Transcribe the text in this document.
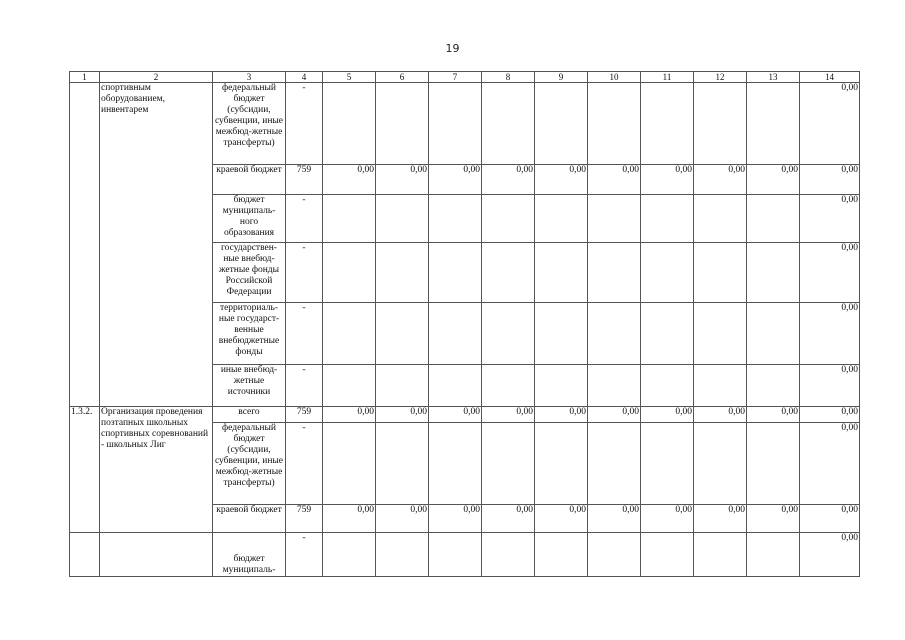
19
1	2	3	4	5	6	7	8	9	10	11	12	13	14
	спортивным оборудованием, инвентарем	федеральный бюджет (субсидии, субвенции, иные межбюд-жетные трансферты)	-										0,00
		краевой бюджет	759	0,00	0,00	0,00	0,00	0,00	0,00	0,00	0,00	0,00	0,00
		бюджет муниципаль-ного образования	-										0,00
		государствен-ные внебюд-жетные фонды Российской Федерации	-										0,00
		территориаль-ные государст-венные внебюджетные фонды	-										0,00
		иные внебюд-жетные источники	-										0,00
1.3.2.	Организация проведения позтапных школьных спортивных соревнований - школьных Лиг	всего	759	0,00	0,00	0,00	0,00	0,00	0,00	0,00	0,00	0,00	0,00
		федеральный бюджет (субсидии, субвенции, иные межбюд-жетные трансферты)	-										0,00
		краевой бюджет	759	0,00	0,00	0,00	0,00	0,00	0,00	0,00	0,00	0,00	0,00
		бюджет муниципаль-	-										0,00
